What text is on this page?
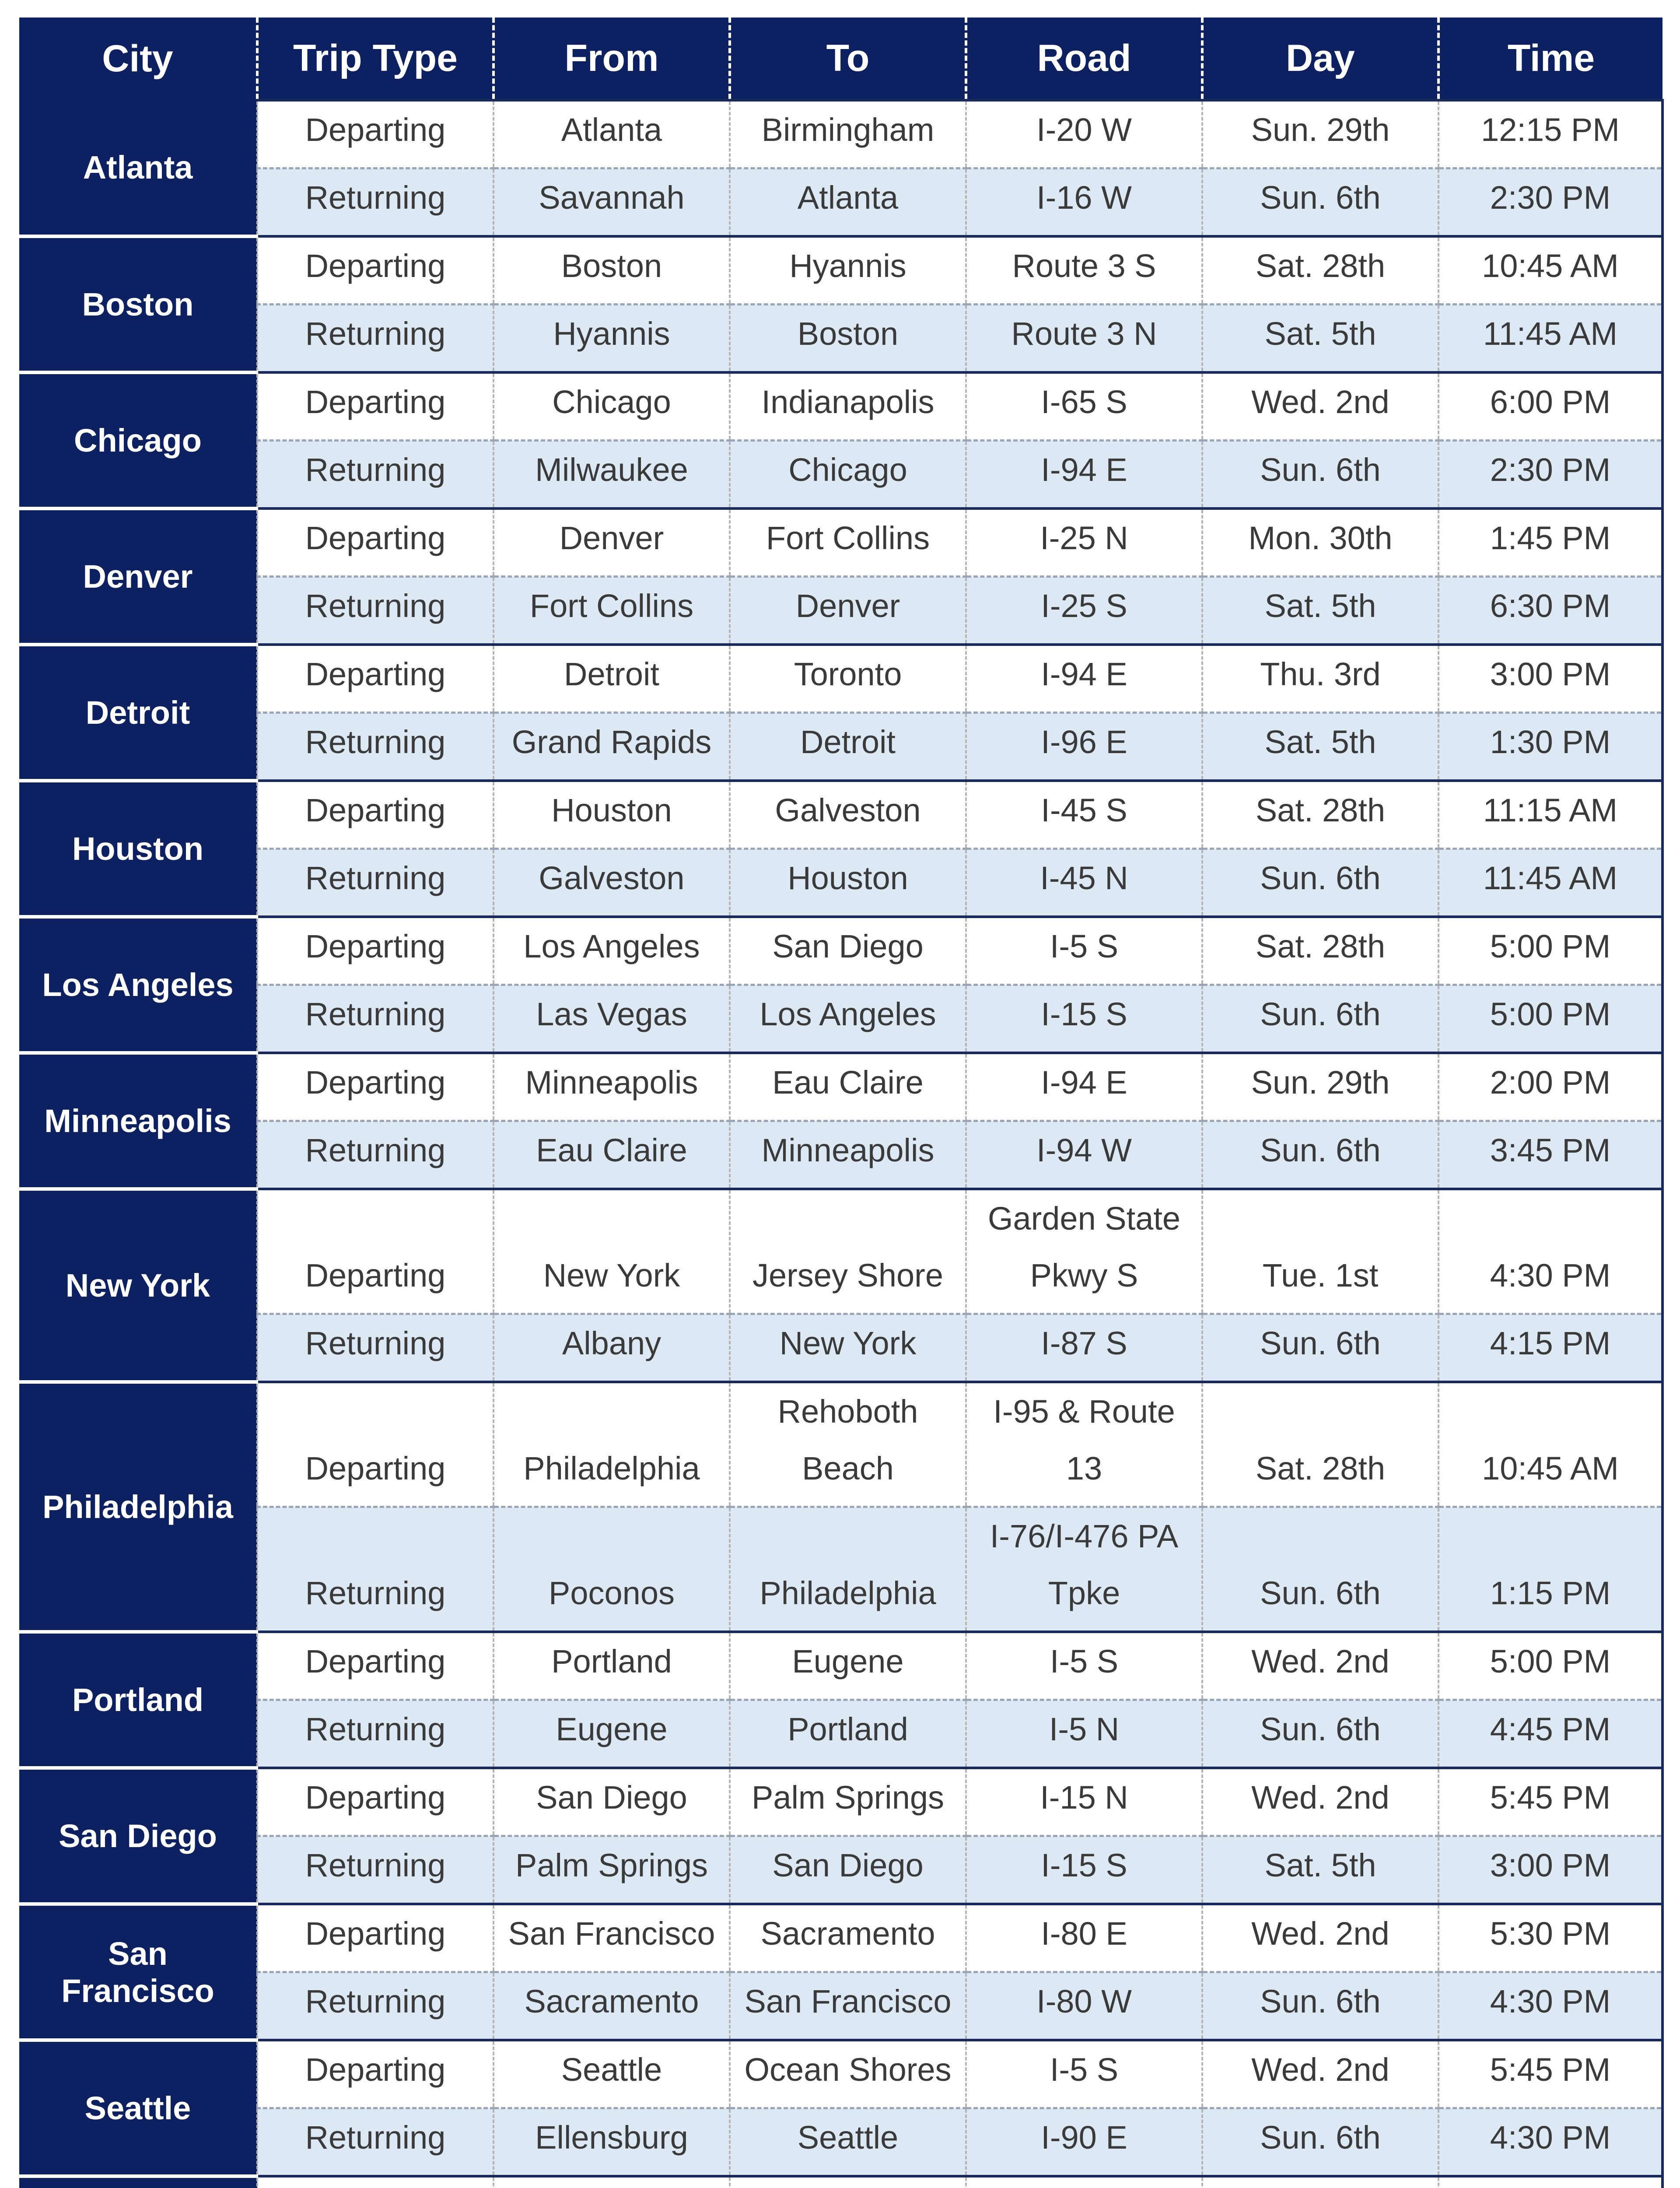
City	Trip Type	From	To	Road	Day	Time
Atlanta	Departing	Atlanta	Birmingham	I-20 W	Sun. 29th	12:15 PM
	Returning	Savannah	Atlanta	I-16 W	Sun. 6th	2:30 PM
Boston	Departing	Boston	Hyannis	Route 3 S	Sat. 28th	10:45 AM
	Returning	Hyannis	Boston	Route 3 N	Sat. 5th	11:45 AM
Chicago	Departing	Chicago	Indianapolis	I-65 S	Wed. 2nd	6:00 PM
	Returning	Milwaukee	Chicago	I-94 E	Sun. 6th	2:30 PM
Denver	Departing	Denver	Fort Collins	I-25 N	Mon. 30th	1:45 PM
	Returning	Fort Collins	Denver	I-25 S	Sat. 5th	6:30 PM
Detroit	Departing	Detroit	Toronto	I-94 E	Thu. 3rd	3:00 PM
	Returning	Grand Rapids	Detroit	I-96 E	Sat. 5th	1:30 PM
Houston	Departing	Houston	Galveston	I-45 S	Sat. 28th	11:15 AM
	Returning	Galveston	Houston	I-45 N	Sun. 6th	11:45 AM
Los Angeles	Departing	Los Angeles	San Diego	I-5 S	Sat. 28th	5:00 PM
	Returning	Las Vegas	Los Angeles	I-15 S	Sun. 6th	5:00 PM
Minneapolis	Departing	Minneapolis	Eau Claire	I-94 E	Sun. 29th	2:00 PM
	Returning	Eau Claire	Minneapolis	I-94 W	Sun. 6th	3:45 PM
New York	Departing	New York	Jersey Shore	Garden State Pkwy S	Tue. 1st	4:30 PM
	Returning	Albany	New York	I-87 S	Sun. 6th	4:15 PM
Philadelphia	Departing	Philadelphia	Rehoboth Beach	I-95 & Route 13	Sat. 28th	10:45 AM
	Returning	Poconos	Philadelphia	I-76/I-476 PA Tpke	Sun. 6th	1:15 PM
Portland	Departing	Portland	Eugene	I-5 S	Wed. 2nd	5:00 PM
	Returning	Eugene	Portland	I-5 N	Sun. 6th	4:45 PM
San Diego	Departing	San Diego	Palm Springs	I-15 N	Wed. 2nd	5:45 PM
	Returning	Palm Springs	San Diego	I-15 S	Sat. 5th	3:00 PM
San Francisco	Departing	San Francisco	Sacramento	I-80 E	Wed. 2nd	5:30 PM
	Returning	Sacramento	San Francisco	I-80 W	Sun. 6th	4:30 PM
Seattle	Departing	Seattle	Ocean Shores	I-5 S	Wed. 2nd	5:45 PM
	Returning	Ellensburg	Seattle	I-90 E	Sun. 6th	4:30 PM
